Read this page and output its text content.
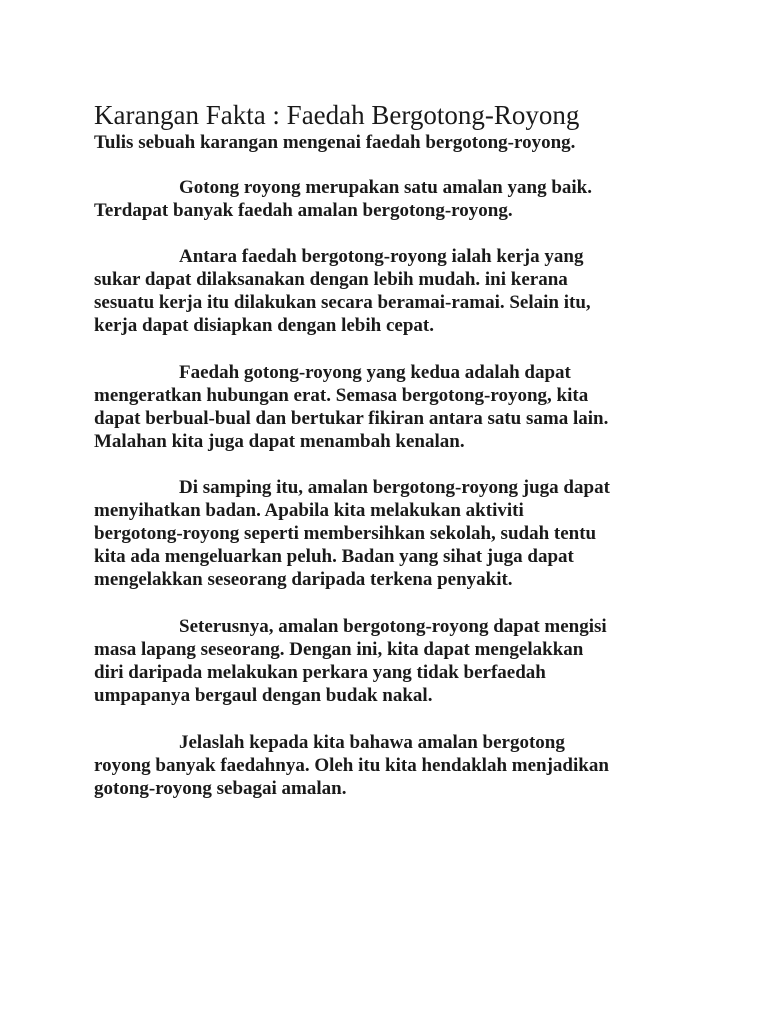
Karangan Fakta : Faedah Bergotong-Royong

Tulis sebuah karangan mengenai faedah bergotong-royong.

Gotong royong merupakan satu amalan yang baik.
Terdapat banyak faedah amalan bergotong-royong.

Antara faedah bergotong-royong ialah kerja yang
sukar dapat dilaksanakan dengan lebih mudah. ini kerana
sesuatu kerja itu dilakukan secara beramai-ramai. Selain itu,
kerja dapat disiapkan dengan lebih cepat.

Faedah gotong-royong yang kedua adalah dapat
mengeratkan hubungan erat. Semasa bergotong-royong, kita
dapat berbual-bual dan bertukar fikiran antara satu sama lain.
Malahan kita juga dapat menambah kenalan.

Di samping itu, amalan bergotong-royong juga dapat
menyihatkan badan. Apabila kita melakukan aktiviti
bergotong-royong seperti membersihkan sekolah, sudah tentu
kita ada mengeluarkan peluh. Badan yang sihat juga dapat
mengelakkan seseorang daripada terkena penyakit.

Seterusnya, amalan bergotong-royong dapat mengisi
masa lapang seseorang. Dengan ini, kita dapat mengelakkan
diri daripada melakukan perkara yang tidak berfaedah
umpapanya bergaul dengan budak nakal.

Jelaslah kepada kita bahawa amalan bergotong
royong banyak faedahnya. Oleh itu kita hendaklah menjadikan
gotong-royong sebagai amalan.
